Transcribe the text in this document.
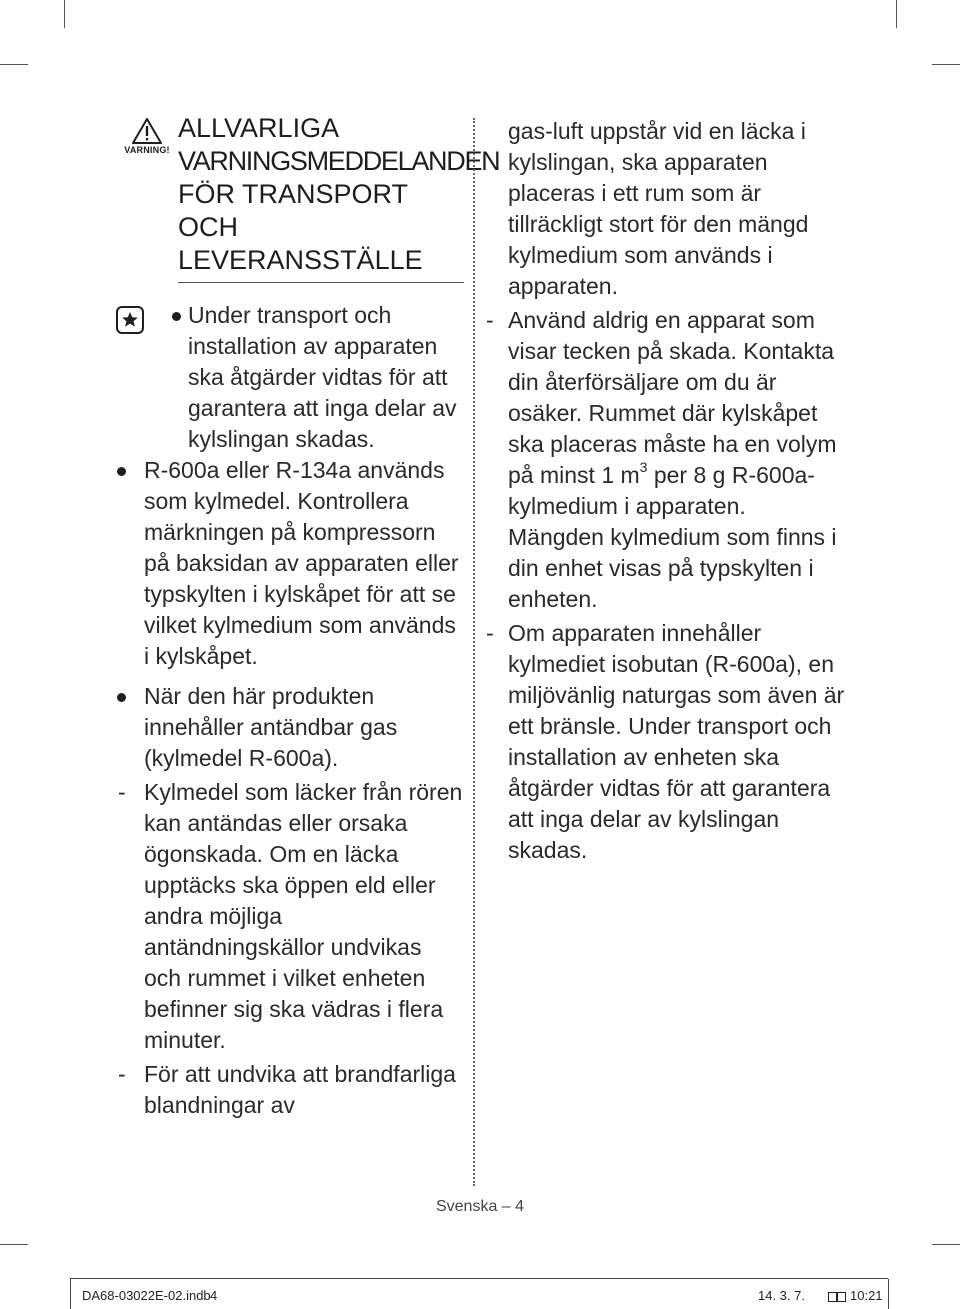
VARNING!
ALLVARLIGA
VARNINGSMEDDELANDEN
FÖR TRANSPORT
OCH
LEVERANSSTÄLLE

Under transport och installation av apparaten ska åtgärder vidtas för att garantera att inga delar av kylslingan skadas.

R-600a eller R-134a används som kylmedel. Kontrollera märkningen på kompressorn på baksidan av apparaten eller typskylten i kylskåpet för att se vilket kylmedium som används i kylskåpet.

När den här produkten innehåller antändbar gas (kylmedel R-600a).

- Kylmedel som läcker från rören kan antändas eller orsaka ögonskada. Om en läcka upptäcks ska öppen eld eller andra möjliga antändningskällor undvikas och rummet i vilket enheten befinner sig ska vädras i flera minuter.

- För att undvika att brandfarliga blandningar av

gas-luft uppstår vid en läcka i kylslingan, ska apparaten placeras i ett rum som är tillräckligt stort för den mängd kylmedium som används i apparaten.

- Använd aldrig en apparat som visar tecken på skada. Kontakta din återförsäljare om du är osäker. Rummet där kylskåpet ska placeras måste ha en volym på minst 1 $m^3$ per 8 g R-600a-kylmedium i apparaten. Mängden kylmedium som finns i din enhet visas på typskylten i enheten.

- Om apparaten innehåller kylmediet isobutan (R-600a), en miljövänlig naturgas som även är ett bränsle. Under transport och installation av enheten ska åtgärder vidtas för att garantera att inga delar av kylslingan skadas.

Svenska – 4
DA68-03022E-02.indb 4	14. 3. 7.	10:21
